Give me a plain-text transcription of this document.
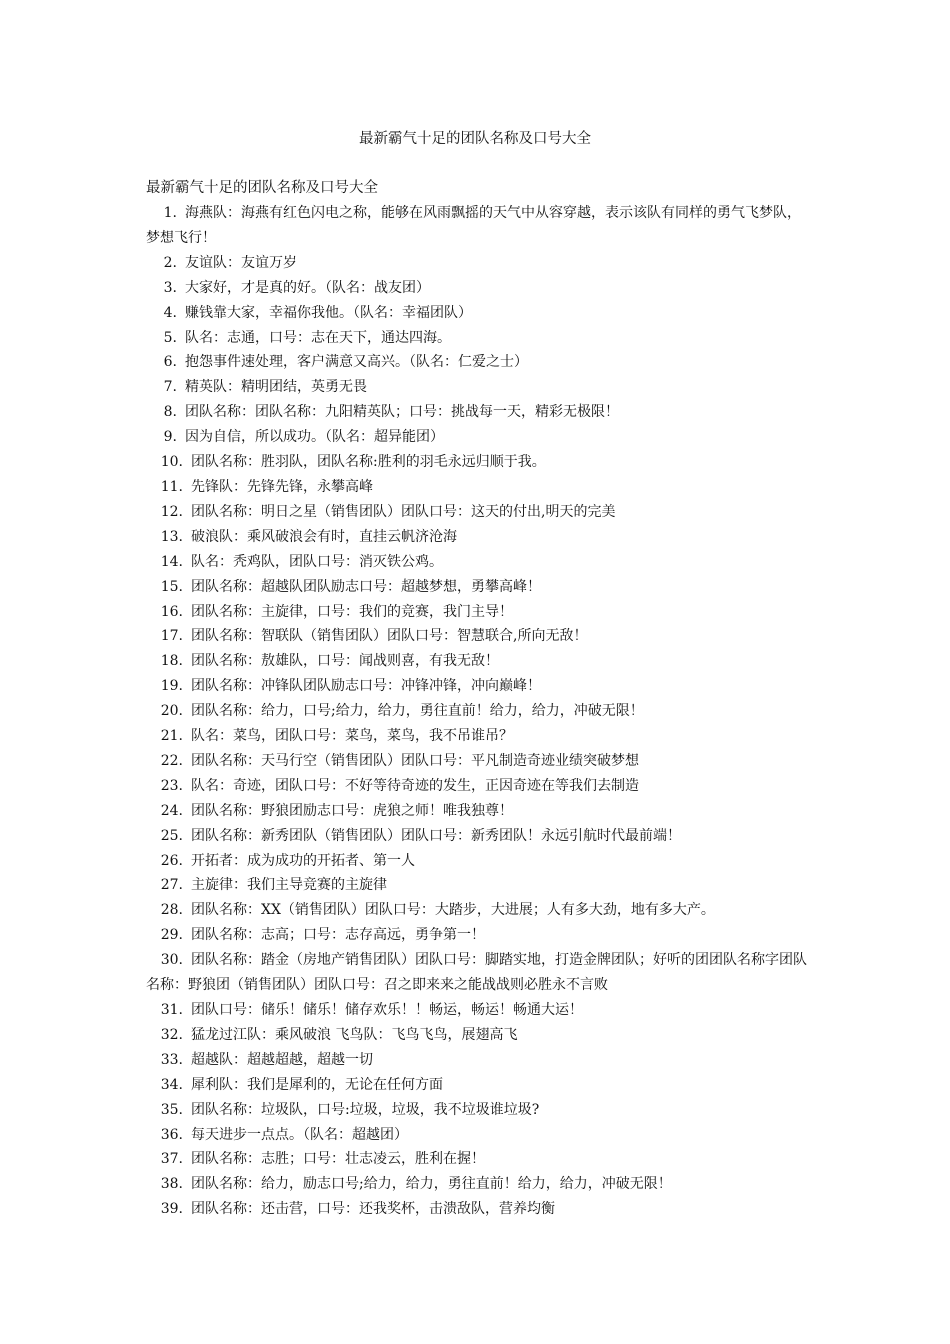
最新霸气十足的团队名称及口号大全
最新霸气十足的团队名称及口号大全
1. 海燕队：海燕有红色闪电之称，能够在风雨飘摇的天气中从容穿越，表示该队有同样的勇气飞梦队，梦想飞行！
2. 友谊队：友谊万岁
3. 大家好，才是真的好。（队名：战友团）
4. 赚钱靠大家，幸福你我他。（队名：幸福团队）
5. 队名：志通，口号：志在天下，通达四海。
6. 抱怨事件速处理，客户满意又高兴。（队名：仁爱之士）
7. 精英队：精明团结，英勇无畏
8. 团队名称：团队名称：九阳精英队；口号：挑战每一天，精彩无极限！
9. 因为自信，所以成功。（队名：超异能团）
10. 团队名称：胜羽队，团队名称:胜利的羽毛永远归顺于我。
11. 先锋队：先锋先锋，永攀高峰
12. 团队名称：明日之星（销售团队）团队口号：这天的付出,明天的完美
13. 破浪队：乘风破浪会有时，直挂云帆济沧海
14. 队名：秃鸡队，团队口号：消灭铁公鸡。
15. 团队名称：超越队团队励志口号：超越梦想，勇攀高峰！
16. 团队名称：主旋律，口号：我们的竞赛，我门主导！
17. 团队名称：智联队（销售团队）团队口号：智慧联合,所向无敌！
18. 团队名称：敖雄队，口号：闻战则喜，有我无敌！
19. 团队名称：冲锋队团队励志口号：冲锋冲锋，冲向巅峰！
20. 团队名称：给力，口号;给力，给力，勇往直前！给力，给力，冲破无限！
21. 队名：菜鸟，团队口号：菜鸟，菜鸟，我不吊谁吊？
22. 团队名称：天马行空（销售团队）团队口号：平凡制造奇迹业绩突破梦想
23. 队名：奇迹，团队口号：不好等待奇迹的发生，正因奇迹在等我们去制造
24. 团队名称：野狼团励志口号：虎狼之师！唯我独尊！
25. 团队名称：新秀团队（销售团队）团队口号：新秀团队！永远引航时代最前端！
26. 开拓者：成为成功的开拓者、第一人
27. 主旋律：我们主导竞赛的主旋律
28. 团队名称：XX（销售团队）团队口号：大踏步，大进展；人有多大劲，地有多大产。
29. 团队名称：志高；口号：志存高远，勇争第一！
30. 团队名称：踏金（房地产销售团队）团队口号：脚踏实地，打造金牌团队；好听的团团队名称字团队名称：野狼团（销售团队）团队口号：召之即来来之能战战则必胜永不言败
31. 团队口号：储乐！储乐！储存欢乐！！畅运，畅运！畅通大运！
32. 猛龙过江队：乘风破浪 飞鸟队：飞鸟飞鸟，展翅高飞
33. 超越队：超越超越，超越一切
34. 犀利队：我们是犀利的，无论在任何方面
35. 团队名称：垃圾队，口号:垃圾，垃圾，我不垃圾谁垃圾?
36. 每天进步一点点。（队名：超越团）
37. 团队名称：志胜；口号：壮志凌云，胜利在握！
38. 团队名称：给力，励志口号;给力，给力，勇往直前！给力，给力，冲破无限！
39. 团队名称：还击营，口号：还我奖杯，击溃敌队，营养均衡
